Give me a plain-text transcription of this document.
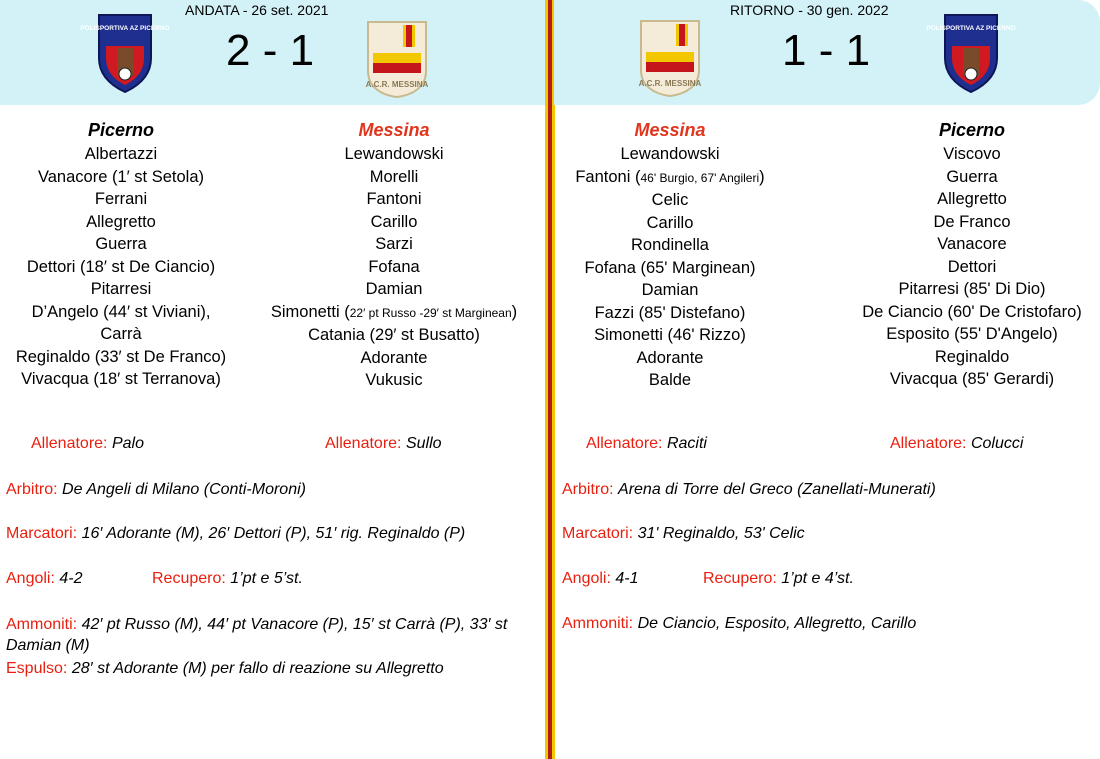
POLISPORTIVA AZ PICERNO
ANDATA - 26 set. 2021
2 - 1
A.C.R. MESSINA
Picerno
Albertazzi
Vanacore (1′ st Setola)
Ferrani
Allegretto
Guerra
Dettori (18′ st De Ciancio)
Pitarresi
D’Angelo (44′ st Viviani),
Carrà
Reginaldo (33′ st De Franco)
Vivacqua (18′ st Terranova)
Messina
Lewandowski
Morelli
Fantoni
Carillo
Sarzi
Fofana
Damian
Simonetti (22′ pt Russo -29′ st Marginean)
Catania (29′ st Busatto)
Adorante
Vukusic
Allenatore: Palo	Allenatore: Sullo
Arbitro: De Angeli di Milano (Conti-Moroni)
Marcatori: 16′ Adorante (M), 26′ Dettori (P), 51′ rig. Reginaldo (P)
Angoli: 4-2	Recupero: 1’pt e 5’st.
Ammoniti: 42′ pt Russo (M), 44′ pt Vanacore (P), 15′ st Carrà (P), 33′ st Damian (M)
Espulso: 28′ st Adorante (M) per fallo di reazione su Allegretto
RITORNO - 30 gen. 2022
A.C.R. MESSINA
1 - 1	POLISPORTIVA AZ PICERNO
Messina
Lewandowski
Fantoni (46' Burgio, 67' Angileri)
Celic
Carillo
Rondinella
Fofana (65' Marginean)
Damian
Fazzi (85' Distefano)
Simonetti (46' Rizzo)
Adorante
Balde
Picerno
Viscovo
Guerra
Allegretto
De Franco
Vanacore
Dettori
Pitarresi (85' Di Dio)
De Ciancio (60' De Cristofaro)
Esposito (55' D'Angelo)
Reginaldo
Vivacqua (85' Gerardi)
Allenatore: Raciti	Allenatore: Colucci
Arbitro: Arena di Torre del Greco (Zanellati-Munerati)
Marcatori: 31' Reginaldo, 53' Celic
Angoli: 4-1	Recupero: 1’pt e 4’st.
Ammoniti: De Ciancio, Esposito, Allegretto, Carillo
